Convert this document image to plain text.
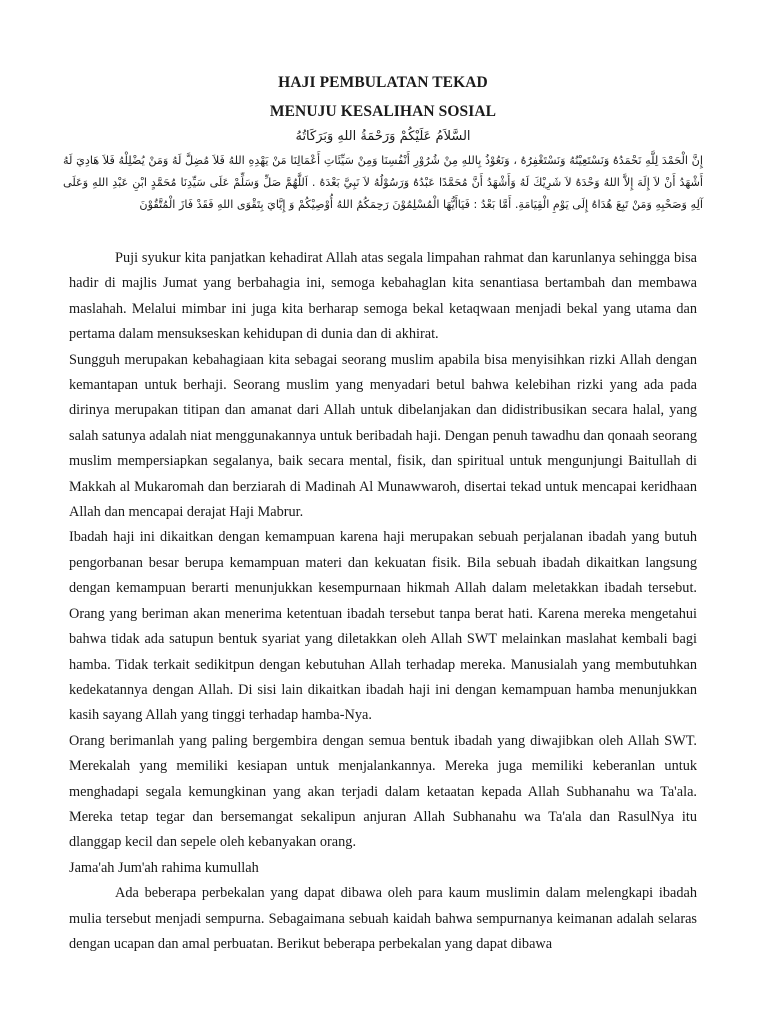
HAJI PEMBULATAN TEKAD
MENUJU KESALIHAN SOSIAL

السَّلاَمُ عَلَيْكُمْ وَرَحْمَةُ اللهِ وَبَرَكَاتُهُ

إِنَّ الْحَمْدَ لِلَّهِ نَحْمَدُهُ وَنَسْتَعِيْنُهُ وَنَسْتَغْفِرُهُ ، وَنَعُوْذُ بِاللهِ مِنْ شُرُوْرِ أَنْفُسِنَا وَمِنْ سَيِّئَاتِ أَعْمَالِنَا مَنْ يَهْدِهِ اللهُ فَلاَ مُضِلَّ لَهُ وَمَنْ يُضْلِلْهُ فَلاَ هَادِيَ لَهُ أَشْهَدُ أَنْ لاَ إِلَهَ إِلاَّ اللهُ وَحْدَهُ لاَ شَرِيْكَ لَهُ وَأَشْهَدُ أَنَّ مُحَمَّدًا عَبْدُهُ وَرَسُوْلُهُ لاَ نَبِيَّ بَعْدَهُ . اَللَّهُمَّ صَلِّ وَسَلِّمْ عَلَى سَيِّدِنَا مُحَمَّدٍ ابْنِ عَبْدِ اللهِ وَعَلَى آلِهِ وَصَحْبِهِ وَمَنْ تَبِعَ هُدَاهُ إِلَى يَوْمِ الْقِيَامَةِ. أَمَّا بَعْدُ : فَيَاأَيُّهَا الْمُسْلِمُوْنَ رَحِمَكُمُ اللهُ أُوْصِيْكُمْ وَ إِيَّايَ بِتَقْوَى اللهِ فَقَدْ فَازَ الْمُتَّقُوْنَ

Puji syukur kita panjatkan kehadirat Allah atas segala limpahan rahmat dan karunlanya sehingga bisa hadir di majlis Jumat yang berbahagia ini, semoga kebahaglan kita senantiasa bertambah dan membawa maslahah. Melalui mimbar ini juga kita berharap semoga bekal ketaqwaan menjadi bekal yang utama dan pertama dalam mensukseskan kehidupan di dunia dan di akhirat.

Sungguh merupakan kebahagiaan kita sebagai seorang muslim apabila bisa menyisihkan rizki Allah dengan kemantapan untuk berhaji. Seorang muslim yang menyadari betul bahwa kelebihan rizki yang ada pada dirinya merupakan titipan dan amanat dari Allah untuk dibelanjakan dan didistribusikan secara halal, yang salah satunya adalah niat menggunakannya untuk beribadah haji. Dengan penuh tawadhu dan qonaah seorang muslim mempersiapkan segalanya, baik secara mental, fisik, dan spiritual untuk mengunjungi Baitullah di Makkah al Mukaromah dan berziarah di Madinah Al Munawwaroh, disertai tekad untuk mencapai keridhaan Allah dan mencapai derajat Haji Mabrur.

Ibadah haji ini dikaitkan dengan kemampuan karena haji merupakan sebuah perjalanan ibadah yang butuh pengorbanan besar berupa kemampuan materi dan kekuatan fisik. Bila sebuah ibadah dikaitkan langsung dengan kemampuan berarti menunjukkan kesempurnaan hikmah Allah dalam meletakkan ibadah tersebut. Orang yang beriman akan menerima ketentuan ibadah tersebut tanpa berat hati. Karena mereka mengetahui bahwa tidak ada satupun bentuk syariat yang diletakkan oleh Allah SWT melainkan maslahat kembali bagi hamba. Tidak terkait sedikitpun dengan kebutuhan Allah terhadap mereka. Manusialah yang membutuhkan kedekatannya dengan Allah. Di sisi lain dikaitkan ibadah haji ini dengan kemampuan hamba menunjukkan kasih sayang Allah yang tinggi terhadap hamba-Nya.

Orang berimanlah yang paling bergembira dengan semua bentuk ibadah yang diwajibkan oleh Allah SWT. Merekalah yang memiliki kesiapan untuk menjalankannya. Mereka juga memiliki keberanlan untuk menghadapi segala kemungkinan yang akan terjadi dalam ketaatan kepada Allah Subhanahu wa Ta'ala. Mereka tetap tegar dan bersemangat sekalipun anjuran Allah Subhanahu wa Ta'ala dan RasulNya itu dlanggap kecil dan sepele oleh kebanyakan orang.

Jama'ah Jum'ah rahima kumullah

Ada beberapa perbekalan yang dapat dibawa oleh para kaum muslimin dalam melengkapi ibadah mulia tersebut menjadi sempurna. Sebagaimana sebuah kaidah bahwa sempurnanya keimanan adalah selaras dengan ucapan dan amal perbuatan. Berikut beberapa perbekalan yang dapat dibawa
